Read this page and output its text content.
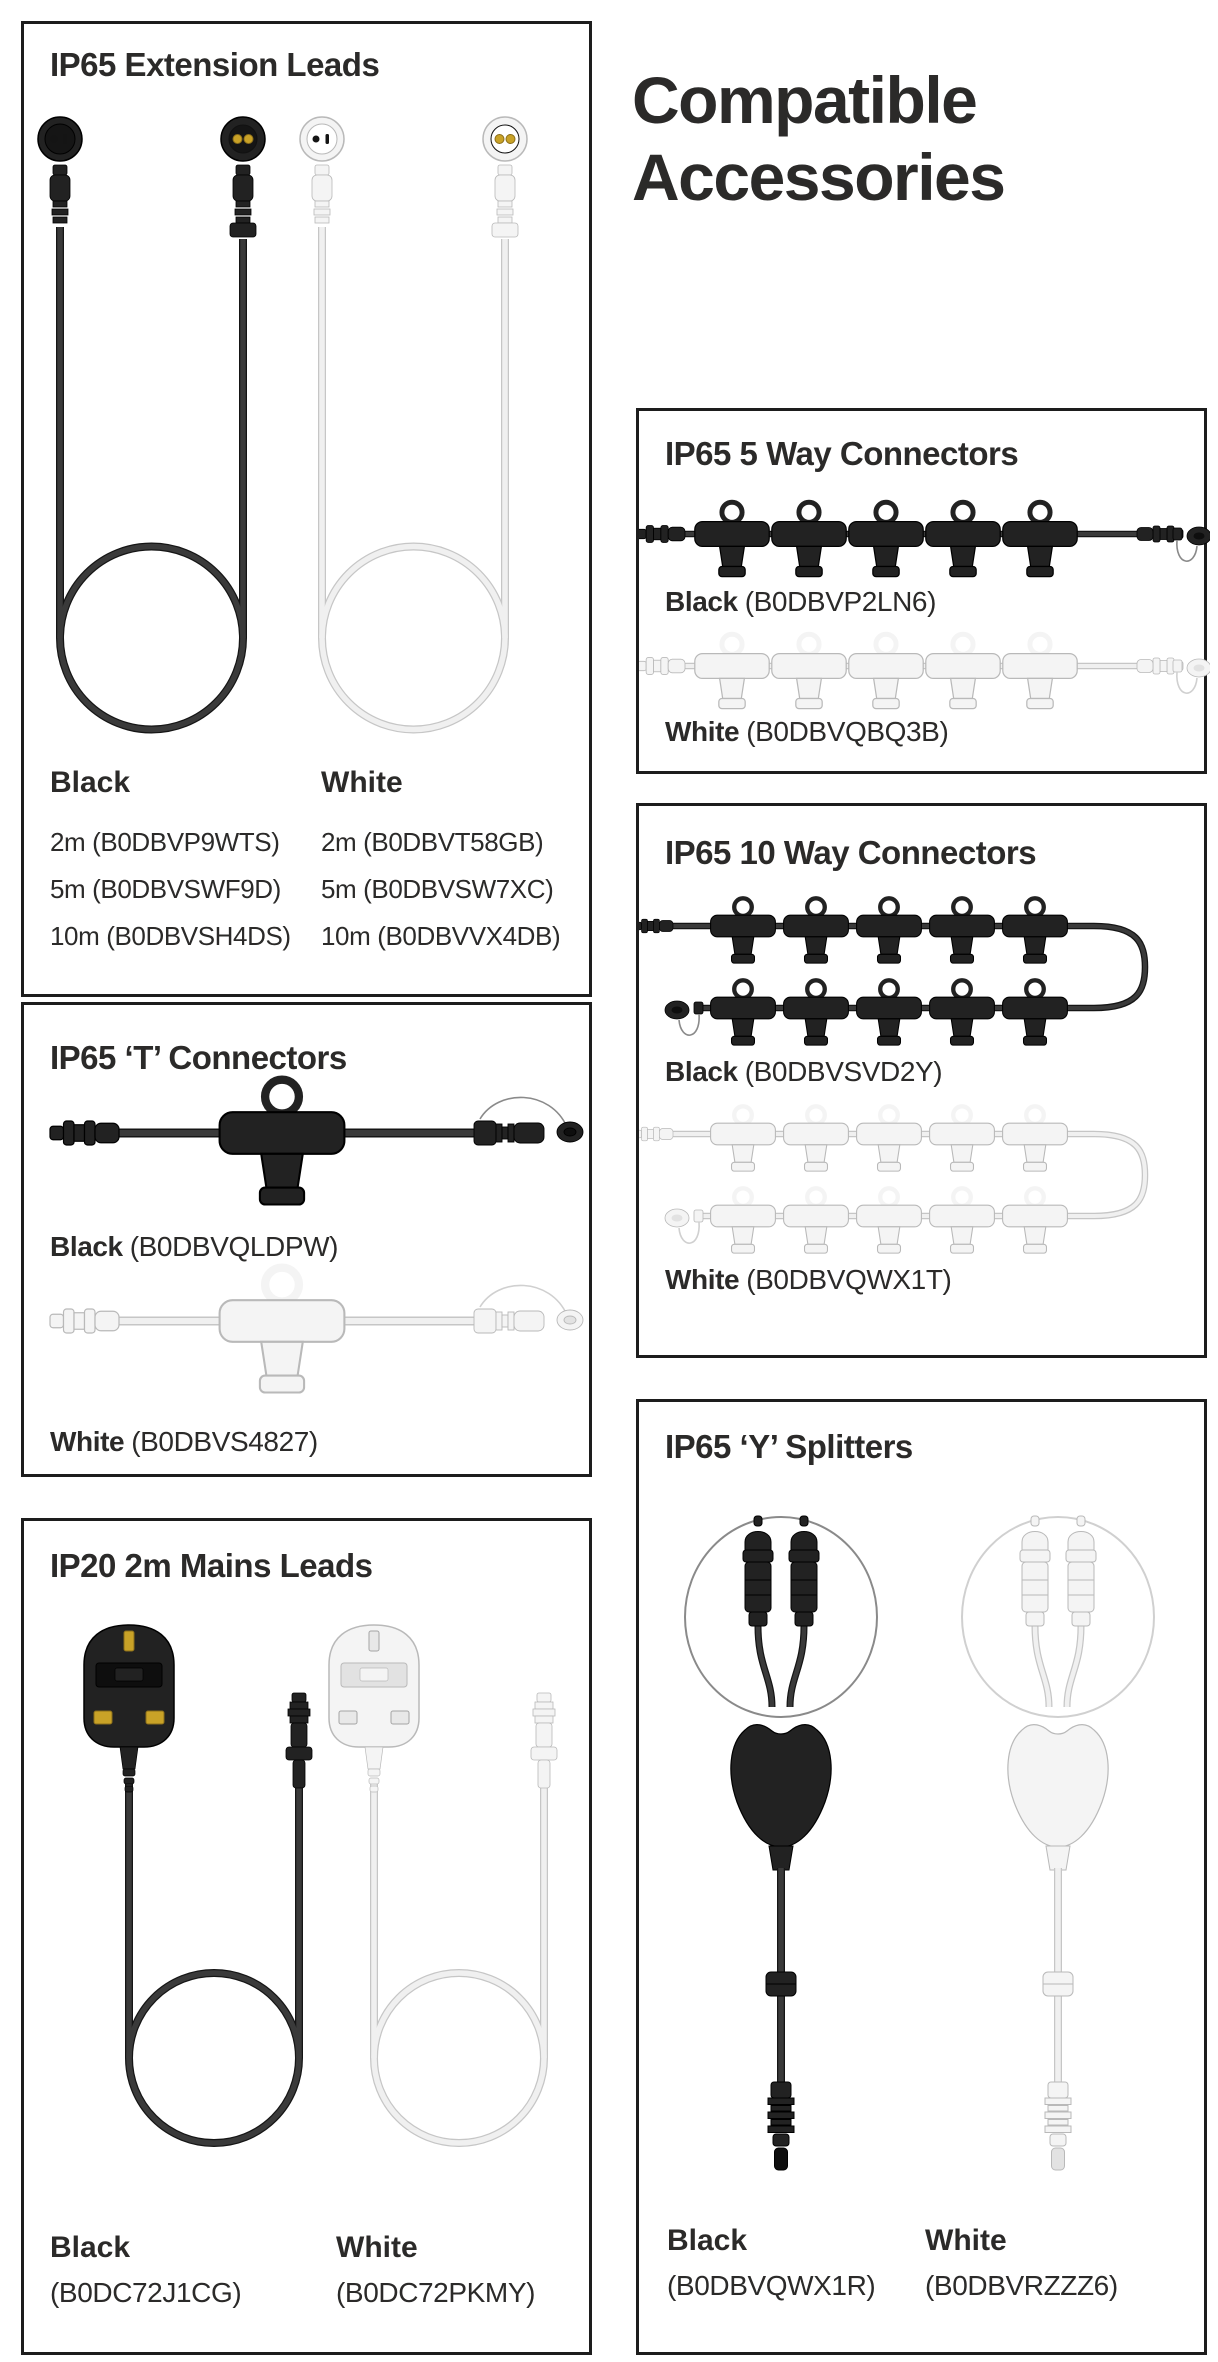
Compatible
Accessories
IP65 Extension Leads
Black	White
2m (B0DBVP9WTS)
5m (B0DBVSWF9D)
10m (B0DBVSH4DS)
2m (B0DBVT58GB)
5m (B0DBVSW7XC)
10m (B0DBVVX4DB)
IP65 5 Way Connectors
Black (B0DBVP2LN6)
White (B0DBVQBQ3B)
IP65 ‘T’ Connectors
Black (B0DBVQLDPW)
White (B0DBVS4827)
IP65 10 Way Connectors
Black (B0DBVSVD2Y)
White (B0DBVQWX1T)
IP20 2m Mains Leads
Black
(B0DC72J1CG)
White
(B0DC72PKMY)
IP65 ‘Y’ Splitters
Black
(B0DBVQWX1R)
White
(B0DBVRZZZ6)
